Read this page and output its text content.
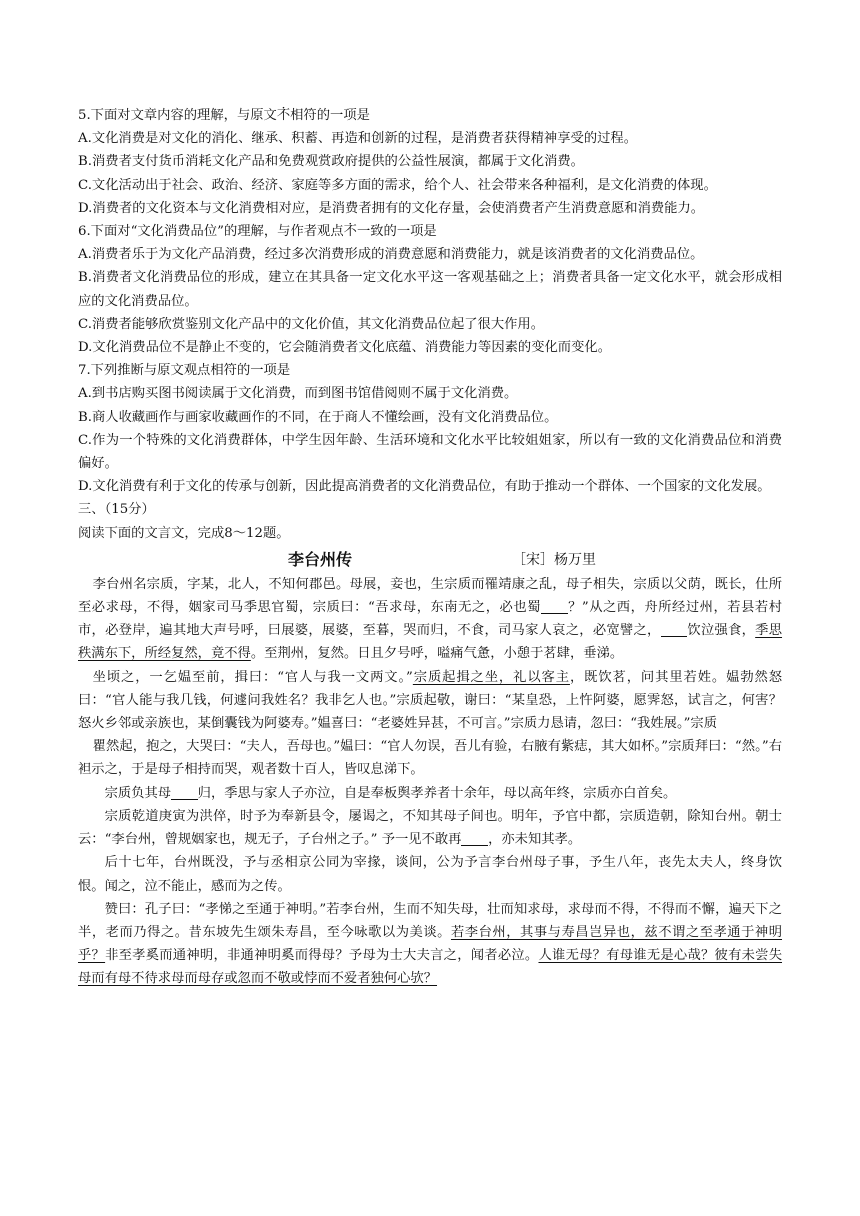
5.下面对文章内容的理解，与原文不相符的一项是

A.文化消费是对文化的消化、继承、积蓄、再造和创新的过程，是消费者获得精神享受的过程。

B.消费者支付货币消耗文化产品和免费观赏政府提供的公益性展演，都属于文化消费。

C.文化活动出于社会、政治、经济、家庭等多方面的需求，给个人、社会带来各种福利，是文化消费的体现。

D.消费者的文化资本与文化消费相对应，是消费者拥有的文化存量，会使消费者产生消费意愿和消费能力。

6.下面对“文化消费品位”的理解，与作者观点不一致的一项是

A.消费者乐于为文化产品消费，经过多次消费形成的消费意愿和消费能力，就是该消费者的文化消费品位。

B.消费者文化消费品位的形成，建立在其具备一定文化水平这一客观基础之上；消费者具备一定文化水平，就会形成相应的文化消费品位。

C.消费者能够欣赏鉴别文化产品中的文化价值，其文化消费品位起了很大作用。

D.文化消费品位不是静止不变的，它会随消费者文化底蕴、消费能力等因素的变化而变化。

7.下列推断与原文观点相符的一项是

A.到书店购买图书阅读属于文化消费，而到图书馆借阅则不属于文化消费。

B.商人收藏画作与画家收藏画作的不同，在于商人不懂绘画，没有文化消费品位。

C.作为一个特殊的文化消费群体，中学生因年龄、生活环境和文化水平比较姐姐家，所以有一致的文化消费品位和消费偏好。

D.文化消费有利于文化的传承与创新，因此提高消费者的文化消费品位，有助于推动一个群体、一个国家的文化发展。

三、（15分）

阅读下面的文言文，完成8～12题。

李台州传	［宋］杨万里

李台州名宗质，字某，北人，不知何郡邑。母展，妾也，生宗质而罹靖康之乱，母子相失，宗质以父荫，既长，仕所至必求母，不得，姻家司马季思官蜀，宗质曰：“吾求母，东南无之，必也蜀 ？”从之西，舟所经过州，若县若村市，必登岸，遍其地大声号呼，曰展婆，展婆，至暮，哭而归，不食，司马家人哀之，必宽譬之， 饮泣强食，季思秩满东下，所经复然，竟不得。至荆州，复然。日且夕号呼，嗌痛气惫，小憩于茗肆，垂涕。

坐顷之，一乞媪至前，揖曰：“官人与我一文两文。”宗质起揖之坐，礼以客主，既饮茗，问其里若姓。媪勃然怒曰：“官人能与我几钱，何遽问我姓名？我非乞人也。”宗质起敬，谢曰：“某皇恐，上忤阿婆，愿霁怒，试言之，何害？怒火乡邻或亲族也，某倒囊钱为阿婆寿。”媪喜曰：“老婆姓异甚，不可言。”宗质力恳请，忽曰：“我姓展。”宗质

瞿然起，抱之，大哭曰：“夫人，吾母也。”媪曰：“官人勿误，吾儿有验，右腋有紫痣，其大如杯。”宗质拜曰：“然。”右袒示之，于是母子相持而哭，观者数十百人，皆叹息涕下。

宗质负其母 归，季思与家人子亦泣，自是奉板舆孝养者十余年，母以高年终，宗质亦白首矣。

宗质乾道庚寅为洪倅，时予为奉新县令，屡谒之，不知其母子间也。明年，予官中都，宗质造朝，除知台州。朝士云：“李台州，曾规姻家也，规无子，子台州之子。” 予一见不敢再 ，亦未知其孝。

后十七年，台州既没，予与丞相京公同为宰掾，谈间，公为予言李台州母子事，予生八年，丧先太夫人，终身饮恨。闻之，泣不能止，感而为之传。

赞曰：孔子曰：“孝悌之至通于神明。”若李台州，生而不知失母，壮而知求母，求母而不得，不得而不懈，遍天下之半，老而乃得之。昔东坡先生颂朱寿昌，至今咏歌以为美谈。若李台州，其事与寿昌岂异也，兹不谓之至孝通于神明乎？非至孝奚而通神明，非通神明奚而得母？予母为士大夫言之，闻者必泣。人谁无母？有母谁无是心哉？彼有未尝失母而有母不待求母而母存或忽而不敬或悖而不爱者独何心欤？
